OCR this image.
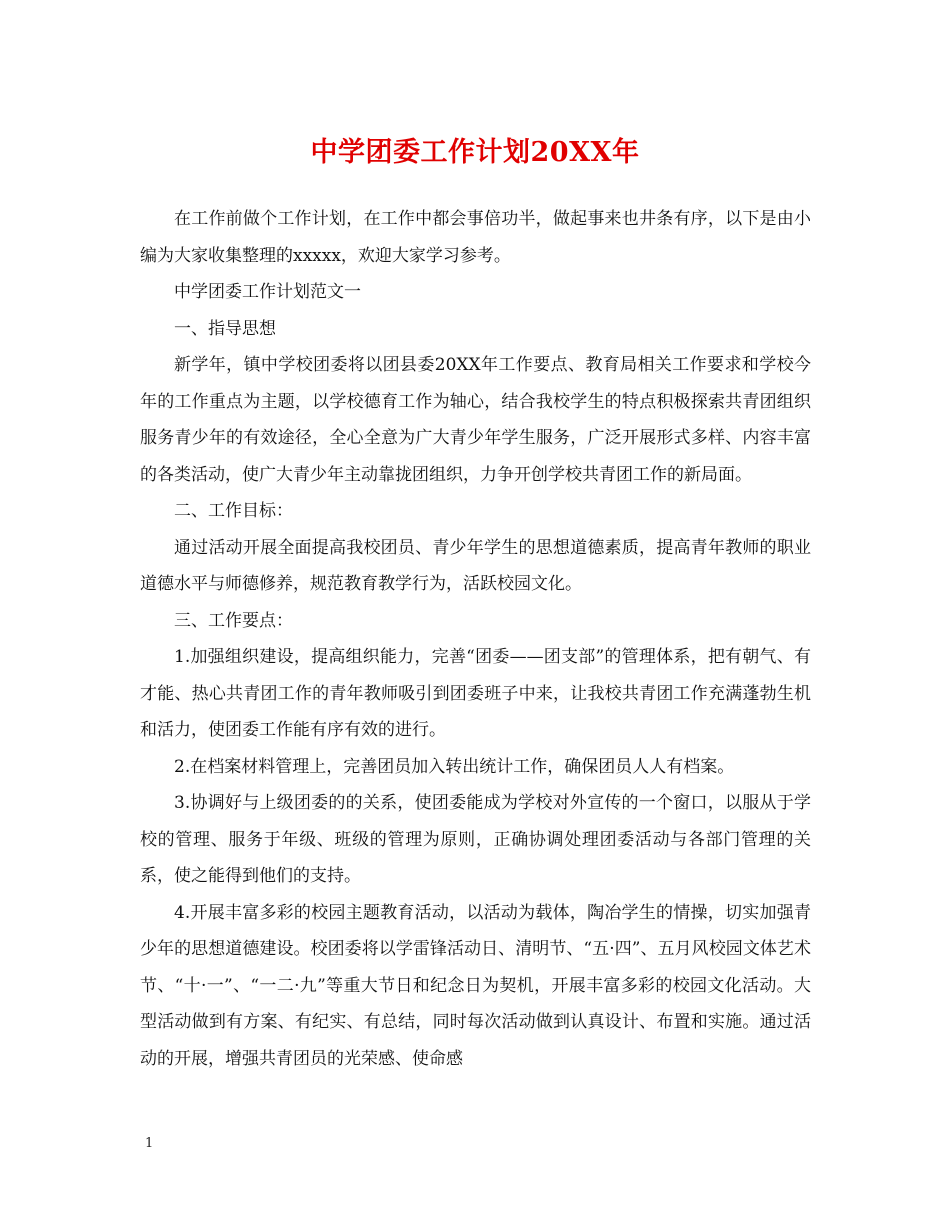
中学团委工作计划20XX年

在工作前做个工作计划，在工作中都会事倍功半，做起事来也井条有序，以下是由小编为大家收集整理的xxxxx，欢迎大家学习参考。

中学团委工作计划范文一

一、指导思想

新学年，镇中学校团委将以团县委20XX年工作要点、教育局相关工作要求和学校今年的工作重点为主题，以学校德育工作为轴心，结合我校学生的特点积极探索共青团组织服务青少年的有效途径，全心全意为广大青少年学生服务，广泛开展形式多样、内容丰富的各类活动，使广大青少年主动靠拢团组织，力争开创学校共青团工作的新局面。

二、工作目标：

通过活动开展全面提高我校团员、青少年学生的思想道德素质，提高青年教师的职业道德水平与师德修养，规范教育教学行为，活跃校园文化。

三、工作要点：

1.加强组织建设，提高组织能力，完善“团委——团支部”的管理体系，把有朝气、有才能、热心共青团工作的青年教师吸引到团委班子中来，让我校共青团工作充满蓬勃生机和活力，使团委工作能有序有效的进行。

2.在档案材料管理上，完善团员加入转出统计工作，确保团员人人有档案。

3.协调好与上级团委的的关系，使团委能成为学校对外宣传的一个窗口，以服从于学校的管理、服务于年级、班级的管理为原则，正确协调处理团委活动与各部门管理的关系，使之能得到他们的支持。

4.开展丰富多彩的校园主题教育活动，以活动为载体，陶冶学生的情操，切实加强青少年的思想道德建设。校团委将以学雷锋活动日、清明节、“五·四”、五月风校园文体艺术节、“十·一”、“一二·九”等重大节日和纪念日为契机，开展丰富多彩的校园文化活动。大型活动做到有方案、有纪实、有总结，同时每次活动做到认真设计、布置和实施。通过活动的开展，增强共青团员的光荣感、使命感

1
